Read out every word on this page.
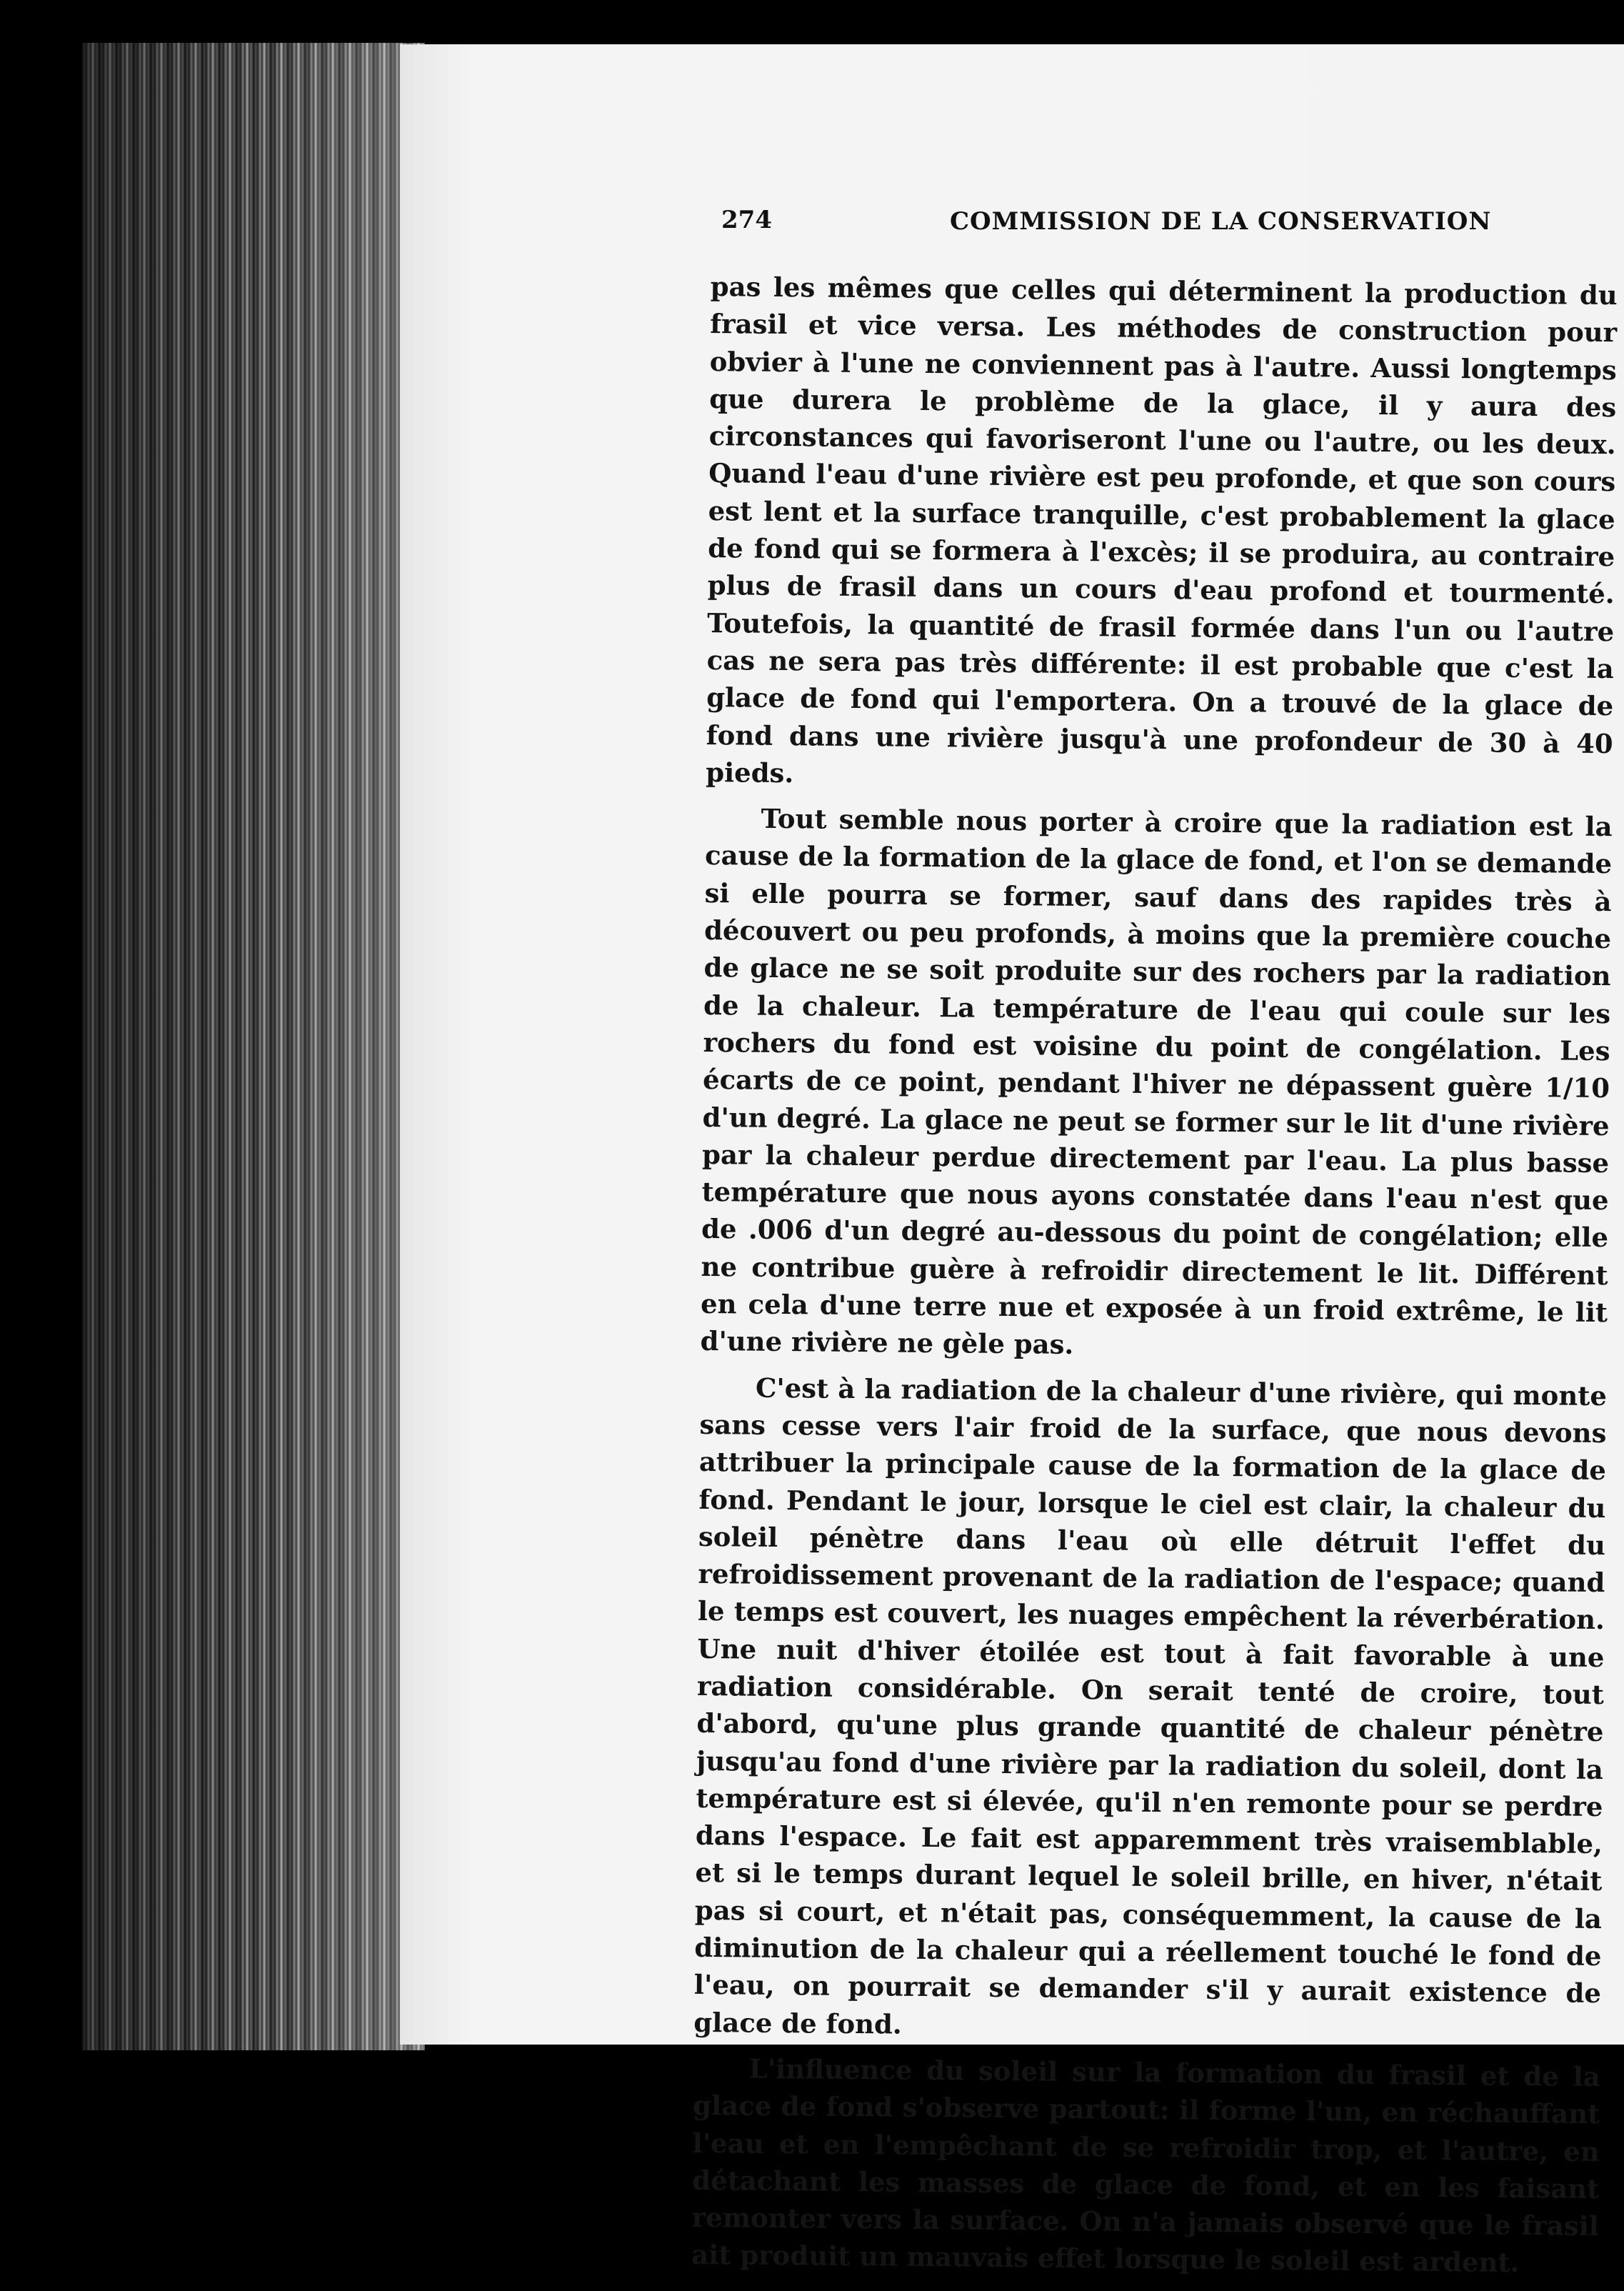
274	COMMISSION DE LA CONSERVATION

pas les mêmes que celles qui déterminent la production du frasil et vice versa. Les méthodes de construction pour obvier à l'une ne conviennent pas à l'autre. Aussi longtemps que durera le problème de la glace, il y aura des circonstances qui favoriseront l'une ou l'autre, ou les deux. Quand l'eau d'une rivière est peu profonde, et que son cours est lent et la surface tranquille, c'est probablement la glace de fond qui se formera à l'excès; il se produira, au contraire plus de frasil dans un cours d'eau profond et tourmenté. Toutefois, la quantité de frasil formée dans l'un ou l'autre cas ne sera pas très différente: il est probable que c'est la glace de fond qui l'emportera. On a trouvé de la glace de fond dans une rivière jusqu'à une profondeur de 30 à 40 pieds.

Tout semble nous porter à croire que la radiation est la cause de la formation de la glace de fond, et l'on se demande si elle pourra se former, sauf dans des rapides très à découvert ou peu profonds, à moins que la première couche de glace ne se soit produite sur des rochers par la radiation de la chaleur. La température de l'eau qui coule sur les rochers du fond est voisine du point de congélation. Les écarts de ce point, pendant l'hiver ne dépassent guère 1/10 d'un degré. La glace ne peut se former sur le lit d'une rivière par la chaleur perdue directement par l'eau. La plus basse température que nous ayons constatée dans l'eau n'est que de .006 d'un degré au-dessous du point de congélation; elle ne contribue guère à refroidir directement le lit. Différent en cela d'une terre nue et exposée à un froid extrême, le lit d'une rivière ne gèle pas.

C'est à la radiation de la chaleur d'une rivière, qui monte sans cesse vers l'air froid de la surface, que nous devons attribuer la principale cause de la formation de la glace de fond. Pendant le jour, lorsque le ciel est clair, la chaleur du soleil pénètre dans l'eau où elle détruit l'effet du refroidissement provenant de la radiation de l'espace; quand le temps est couvert, les nuages empêchent la réverbération. Une nuit d'hiver étoilée est tout à fait favorable à une radiation considérable. On serait tenté de croire, tout d'abord, qu'une plus grande quantité de chaleur pénètre jusqu'au fond d'une rivière par la radiation du soleil, dont la température est si élevée, qu'il n'en remonte pour se perdre dans l'espace. Le fait est apparemment très vraisemblable, et si le temps durant lequel le soleil brille, en hiver, n'était pas si court, et n'était pas, conséquemment, la cause de la diminution de la chaleur qui a réellement touché le fond de l'eau, on pourrait se demander s'il y aurait existence de glace de fond.

L'influence du soleil sur la formation du frasil et de la glace de fond s'observe partout: il forme l'un, en réchauffant l'eau et en l'empêchant de se refroidir trop, et l'autre, en détachant les masses de glace de fond, et en les faisant remonter vers la surface. On n'a jamais observé que le frasil ait produit un mauvais effet lorsque le soleil est ardent.
